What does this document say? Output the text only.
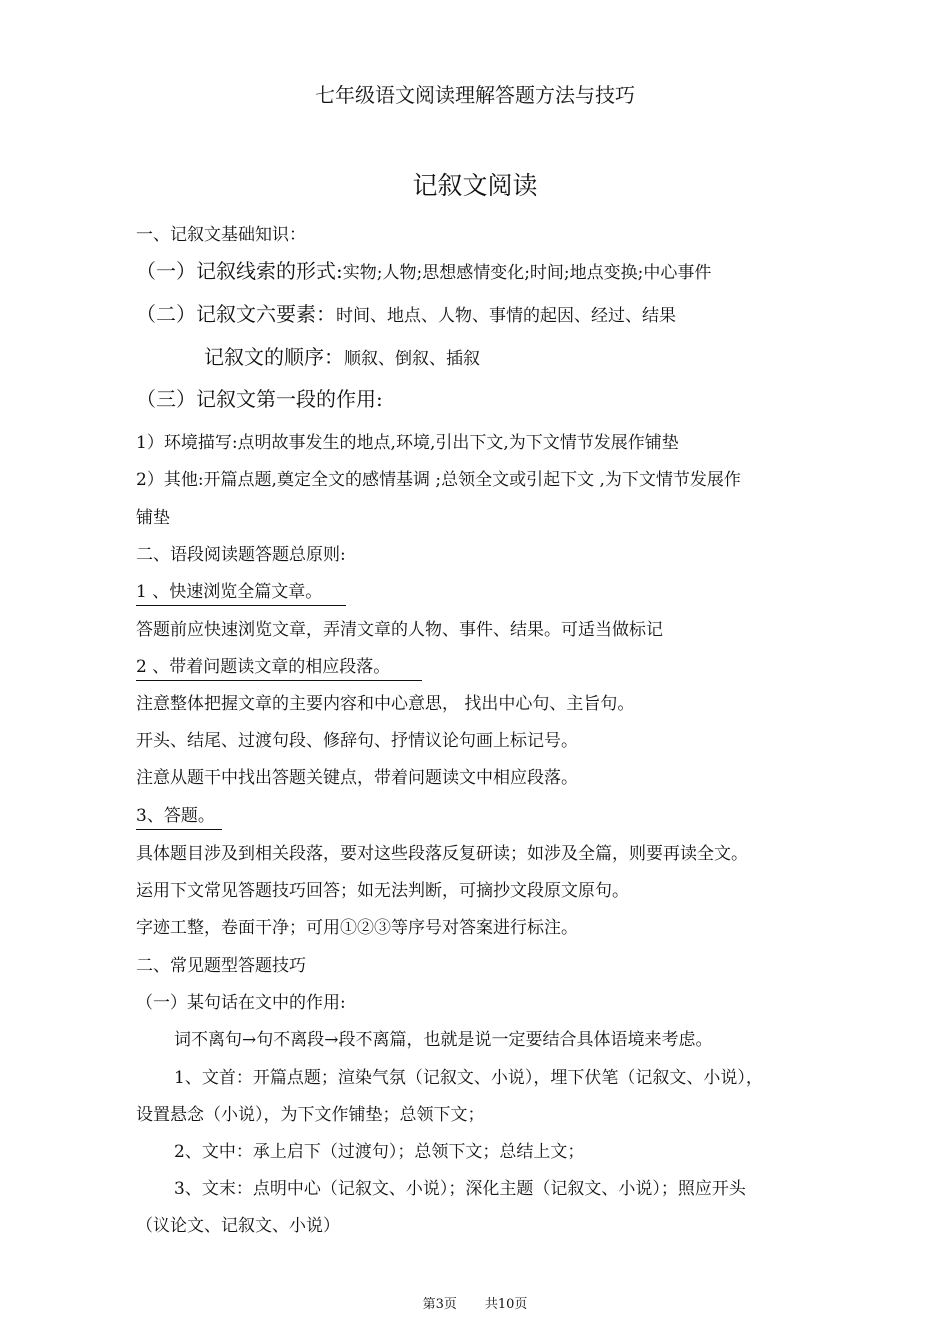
七年级语文阅读理解答题方法与技巧
记叙文阅读
一、记叙文基础知识：
（一）记叙线索的形式:实物;人物;思想感情变化;时间;地点变换;中心事件
（二）记叙文六要素：时间、地点、人物、事情的起因、经过、结果
记叙文的顺序：顺叙、倒叙、插叙
（三）记叙文第一段的作用:
1）环境描写:点明故事发生的地点,环境,引出下文,为下文情节发展作铺垫
2）其他:开篇点题,奠定全文的感情基调 ;总领全文或引起下文 ,为下文情节发展作
铺垫
二、语段阅读题答题总原则:
1 、快速浏览全篇文章。
答题前应快速浏览文章，弄清文章的人物、事件、结果。可适当做标记
2 、带着问题读文章的相应段落。
注意整体把握文章的主要内容和中心意思， 找出中心句、主旨句。
开头、结尾、过渡句段、修辞句、抒情议论句画上标记号。
注意从题干中找出答题关键点，带着问题读文中相应段落。
3、答题。
具体题目涉及到相关段落，要对这些段落反复研读；如涉及全篇，则要再读全文。
运用下文常见答题技巧回答；如无法判断，可摘抄文段原文原句。
字迹工整，卷面干净；可用①②③等序号对答案进行标注。
二、常见题型答题技巧
（一）某句话在文中的作用:
词不离句→句不离段→段不离篇，也就是说一定要结合具体语境来考虑。
1、文首：开篇点题；渲染气氛（记叙文、小说），埋下伏笔（记叙文、小说），
设置悬念（小说），为下文作铺垫；总领下文；
2、文中：承上启下（过渡句）；总领下文；总结上文；
3、文末：点明中心（记叙文、小说）；深化主题（记叙文、小说）；照应开头
（议论文、记叙文、小说）
第3页 共10页
